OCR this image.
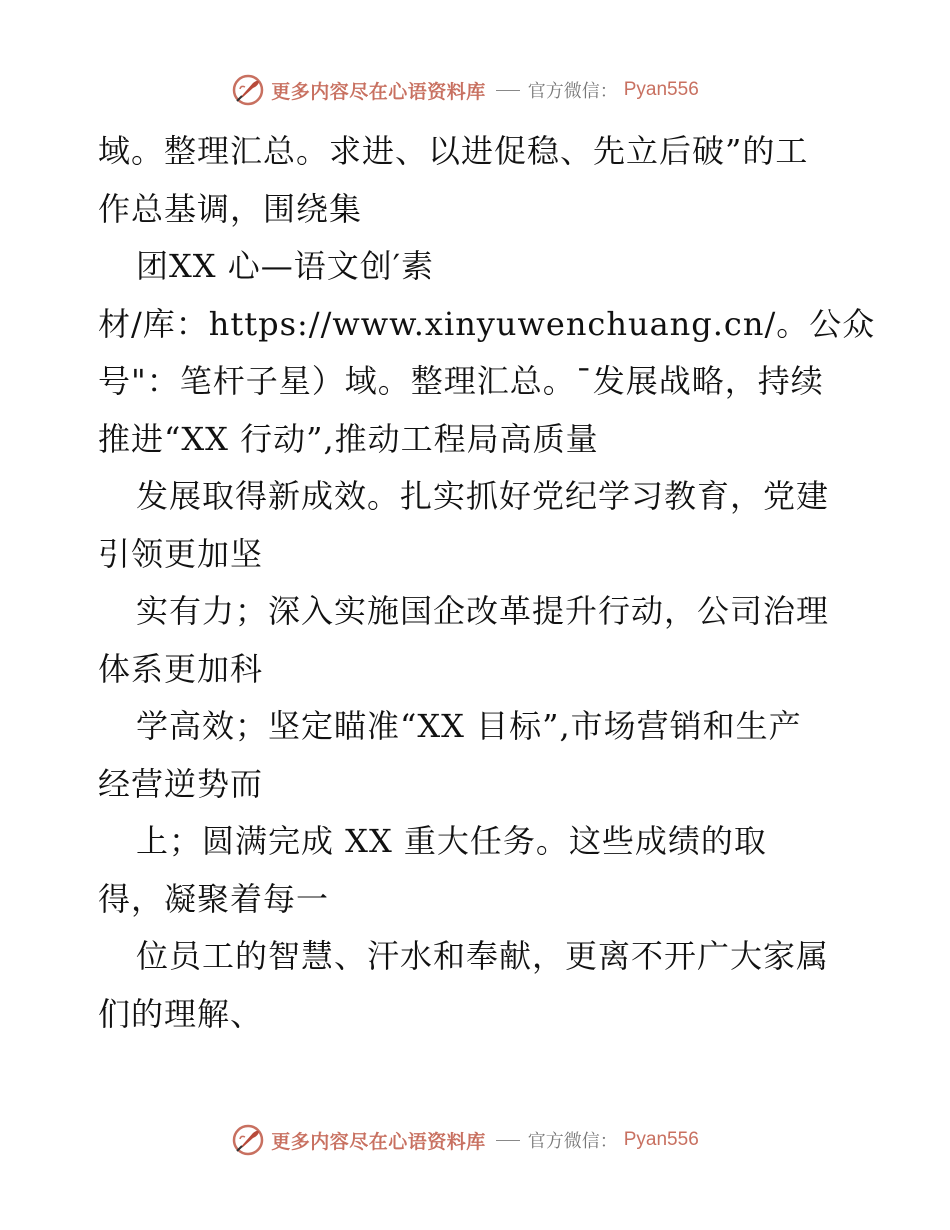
更多内容尽在心语资料库 官方微信： Pyan556
域。整理汇总。求进、以进促稳、先立后破”的工
作总基调，围绕集
团XX 心—语文创′素
材/库：https://www.xinyuwenchuang.cn/。公众
号"：笔杆子星）域。整理汇总。¯发展战略，持续
推进“XX 行动”,推动工程局高质量
发展取得新成效。扎实抓好党纪学习教育，党建
引领更加坚
实有力；深入实施国企改革提升行动，公司治理
体系更加科
学高效；坚定瞄准“XX 目标”,市场营销和生产
经营逆势而
上；圆满完成 XX 重大任务。这些成绩的取
得，凝聚着每一
位员工的智慧、汗水和奉献，更离不开广大家属
们的理解、
更多内容尽在心语资料库 官方微信： Pyan556
